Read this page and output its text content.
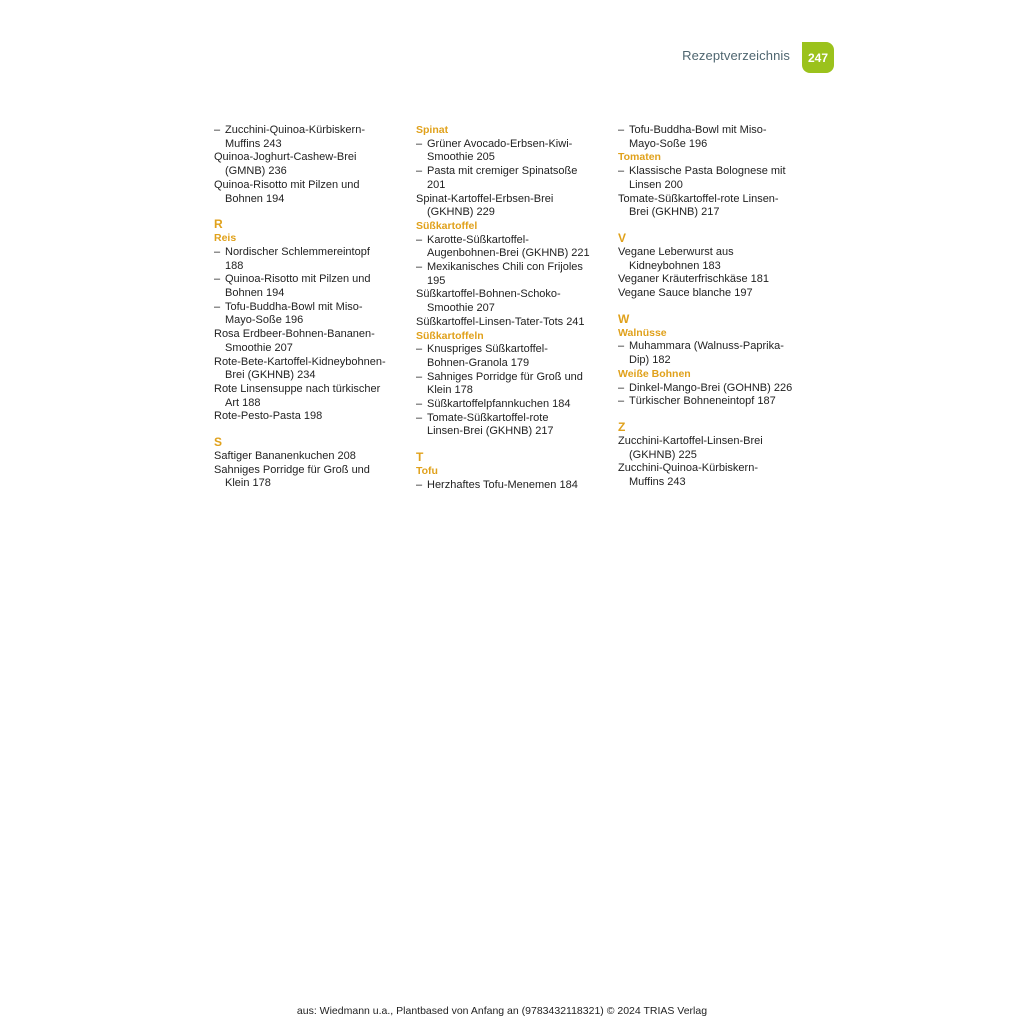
Rezeptverzeichnis	247
– Zucchini-Quinoa-Kürbiskern-
Muffins 243
Quinoa-Joghurt-Cashew-Brei
(GMNB) 236
Quinoa-Risotto mit Pilzen und
Bohnen 194
R
Reis
– Nordischer Schlemmereintopf
188
– Quinoa-Risotto mit Pilzen und
Bohnen 194
– Tofu-Buddha-Bowl mit Miso-
Mayo-Soße 196
Rosa Erdbeer-Bohnen-Bananen-
Smoothie 207
Rote-Bete-Kartoffel-Kidneybohnen-
Brei (GKHNB) 234
Rote Linsensuppe nach türkischer
Art 188
Rote-Pesto-Pasta 198
S
Saftiger Bananenkuchen 208
Sahniges Porridge für Groß und
Klein 178
Spinat
– Grüner Avocado-Erbsen-Kiwi-
Smoothie 205
– Pasta mit cremiger Spinatsoße
201
Spinat-Kartoffel-Erbsen-Brei
(GKHNB) 229
Süßkartoffel
– Karotte-Süßkartoffel-
Augenbohnen-Brei (GKHNB) 221
– Mexikanisches Chili con Frijoles
195
Süßkartoffel-Bohnen-Schoko-
Smoothie 207
Süßkartoffel-Linsen-Tater-Tots 241
Süßkartoffeln
– Knuspriges Süßkartoffel-
Bohnen-Granola 179
– Sahniges Porridge für Groß und
Klein 178
– Süßkartoffelpfannkuchen 184
– Tomate-Süßkartoffel-rote
Linsen-Brei (GKHNB) 217
T
Tofu
– Herzhaftes Tofu-Menemen 184
– Tofu-Buddha-Bowl mit Miso-
Mayo-Soße 196
Tomaten
– Klassische Pasta Bolognese mit
Linsen 200
Tomate-Süßkartoffel-rote Linsen-
Brei (GKHNB) 217
V
Vegane Leberwurst aus
Kidneybohnen 183
Veganer Kräuterfrischkäse 181
Vegane Sauce blanche 197
W
Walnüsse
– Muhammara (Walnuss-Paprika-
Dip) 182
Weiße Bohnen
– Dinkel-Mango-Brei (GOHNB) 226
– Türkischer Bohneneintopf 187
Z
Zucchini-Kartoffel-Linsen-Brei
(GKHNB) 225
Zucchini-Quinoa-Kürbiskern-
Muffins 243
aus: Wiedmann u.a., Plantbased von Anfang an (9783432118321) © 2024 TRIAS Verlag
